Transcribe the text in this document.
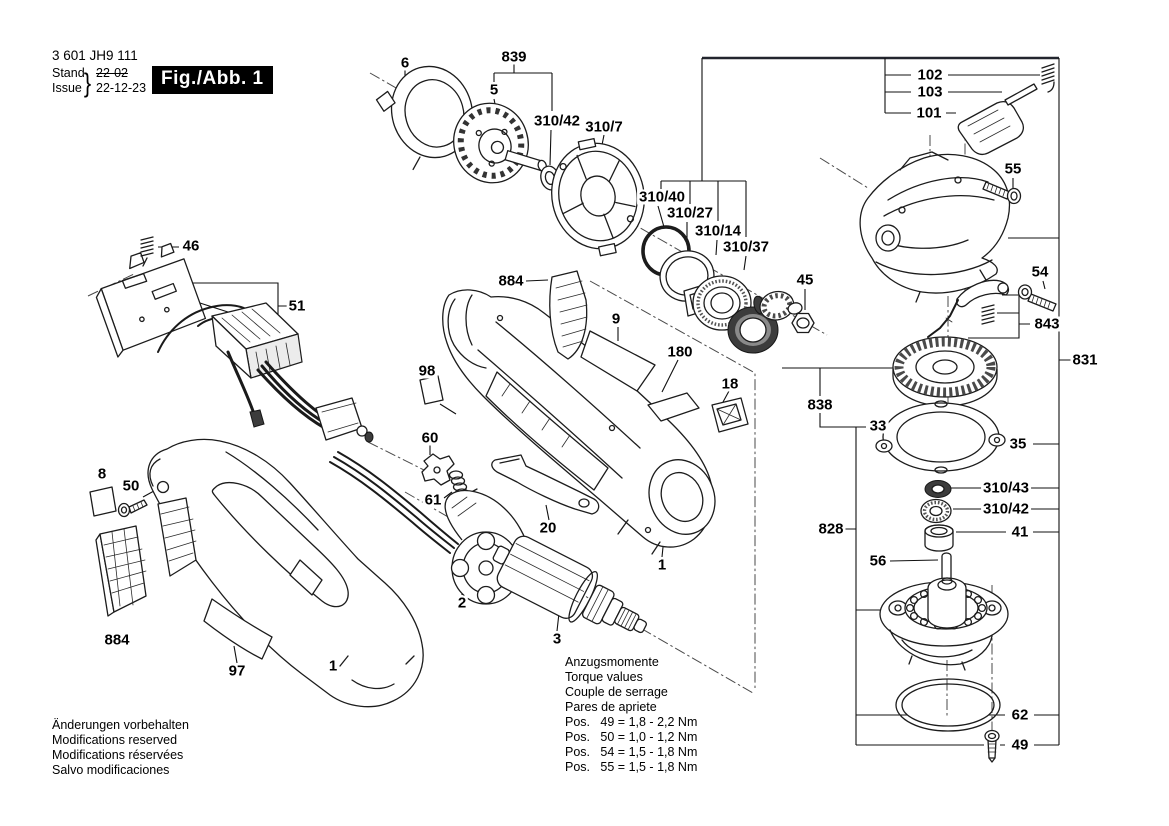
3 601 JH9 111
Stand
Issue } 22-02
22-12-23 Fig./Abb. 1
Anzugsmomente
Torque values
Couple de serrage
Pares de apriete
Pos.   49 = 1,8 - 2,2 Nm
Pos.   50 = 1,0 - 1,2 Nm
Pos.   54 = 1,5 - 1,8 Nm
Pos.   55 = 1,5 - 1,8 Nm
Änderungen vorbehalten
Modifications reserved
Modifications réservées
Salvo modificaciones
6	839
5
310/42 310/7
310/40
310/27
310/14
310/37
45
102
103
101
55
54
843
831
46
51
884
9
180
98
18
838
33
35
310/43
310/42
41
828
56
60
61
8
50
20
2
3
1
884
97	1
62
49
